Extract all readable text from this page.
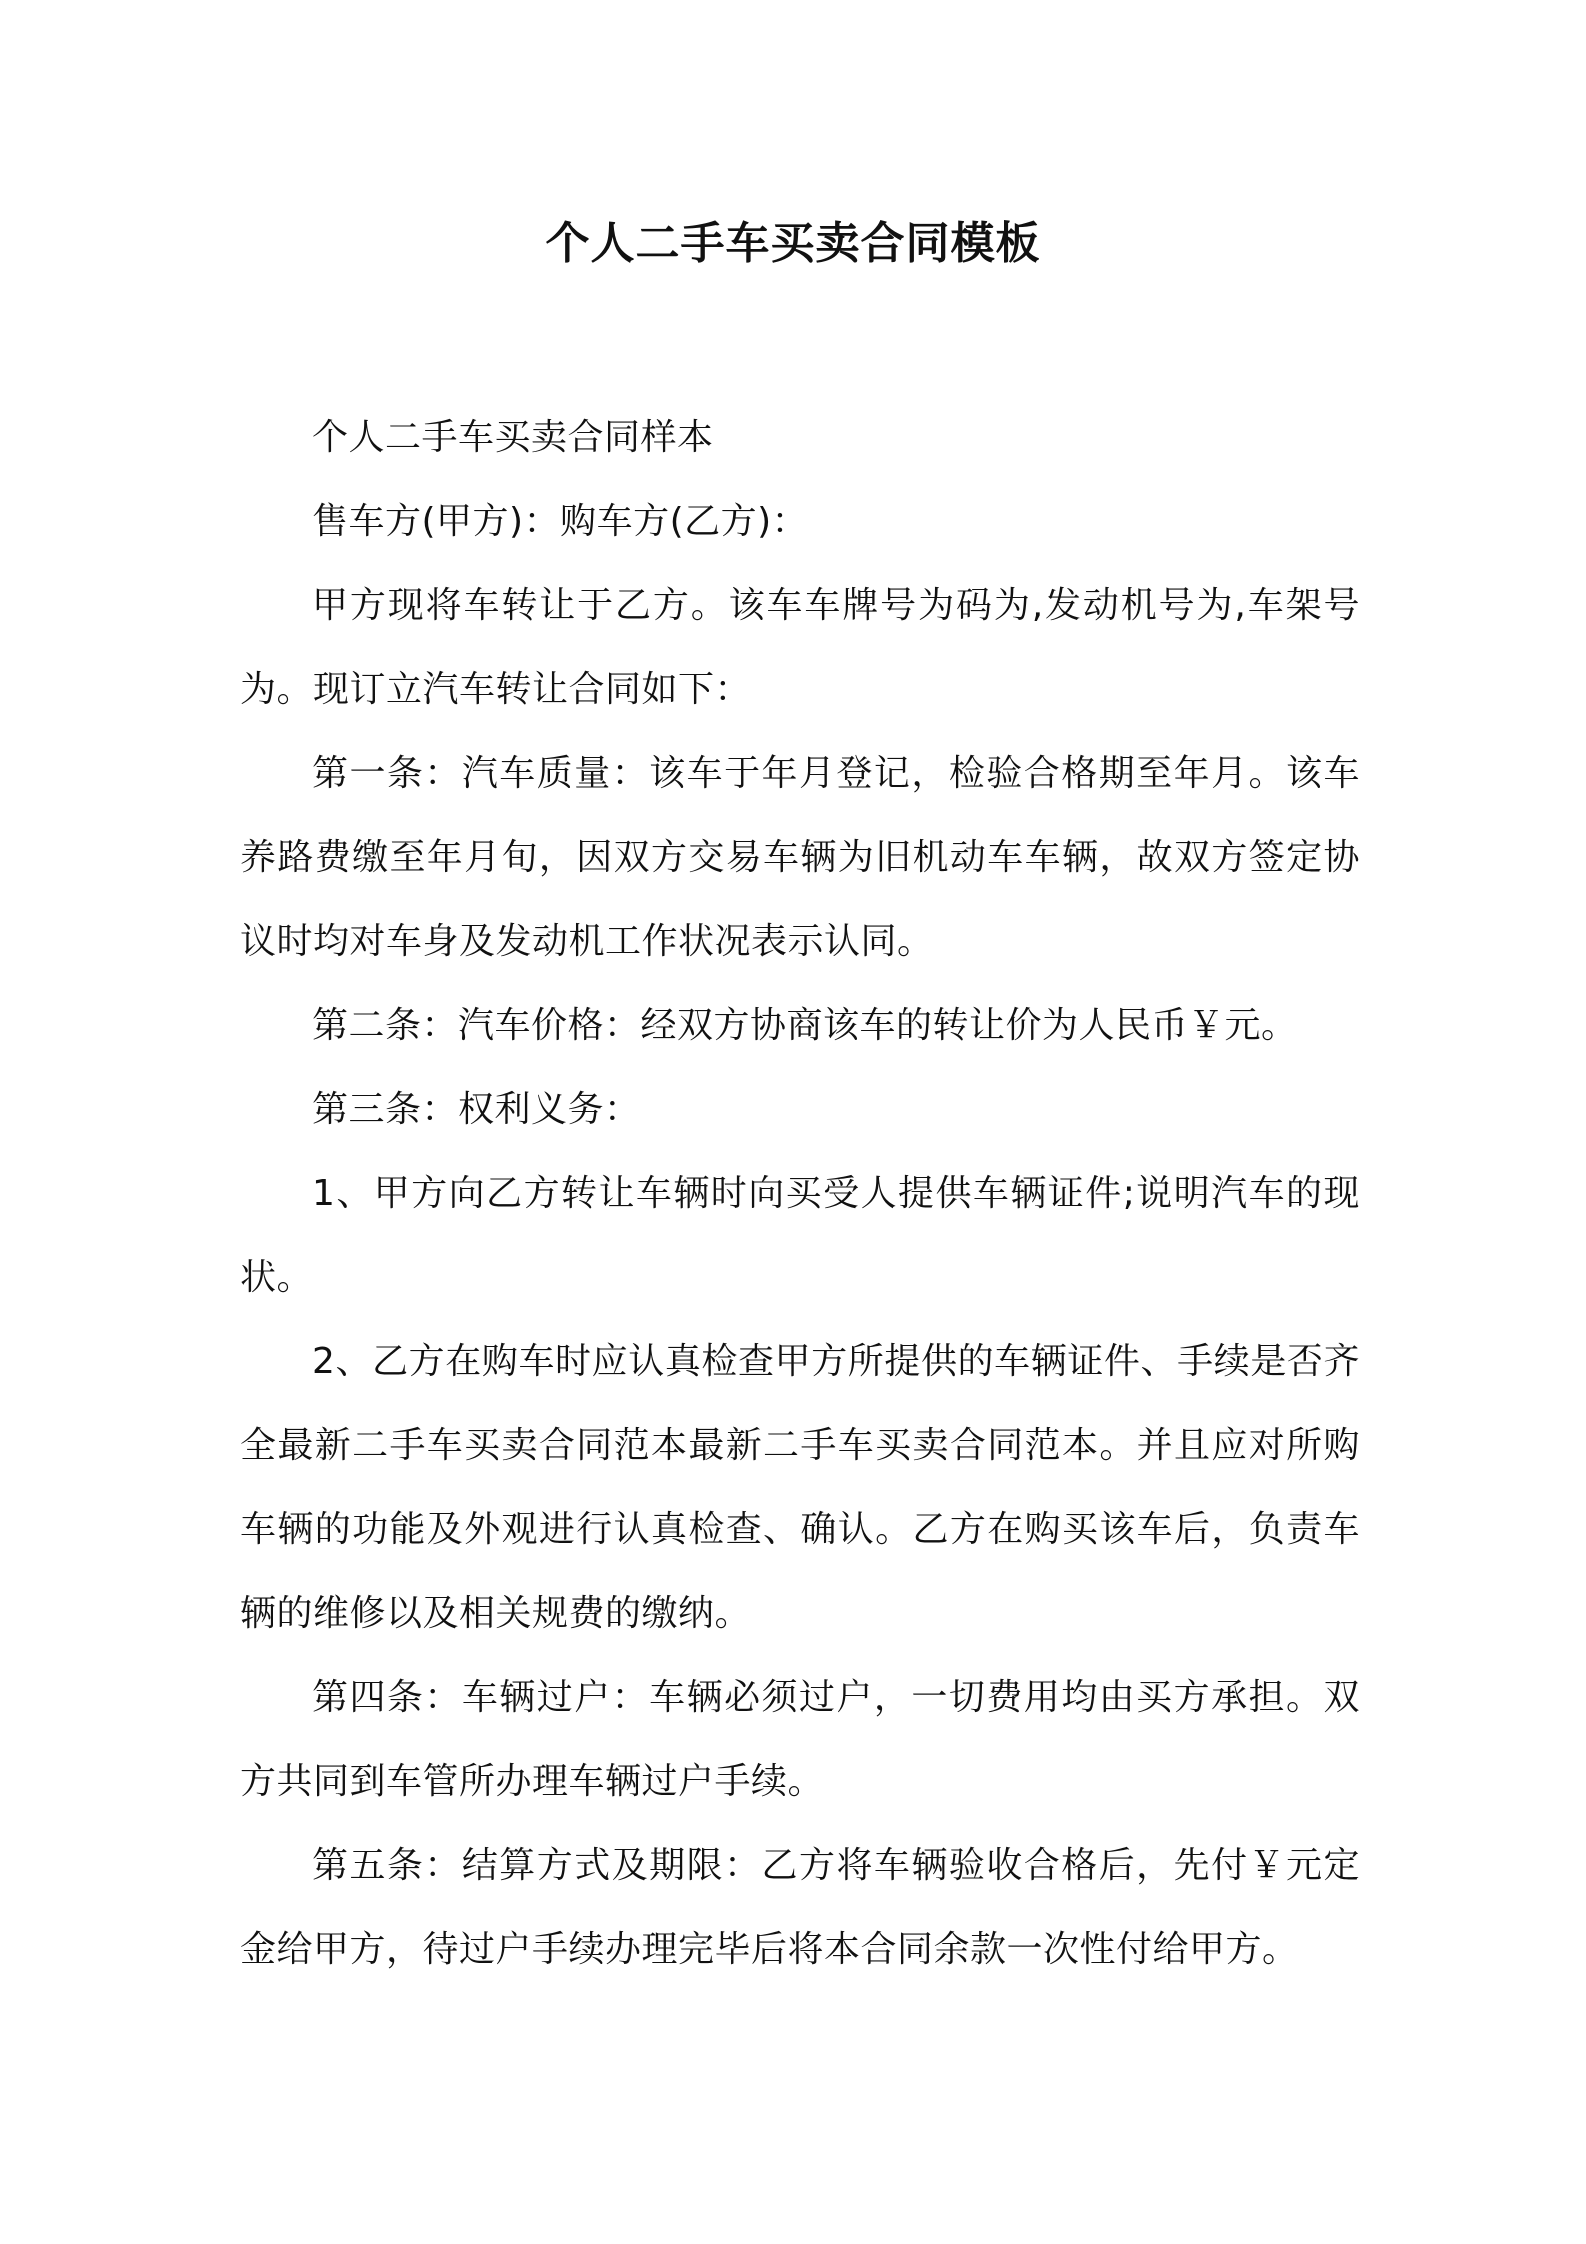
个人二手车买卖合同模板

个人二手车买卖合同样本

售车方(甲方)：购车方(乙方)：

甲方现将车转让于乙方。该车车牌号为码为,发动机号为,车架号为。现订立汽车转让合同如下：

第一条：汽车质量：该车于年月登记，检验合格期至年月。该车养路费缴至年月旬，因双方交易车辆为旧机动车车辆，故双方签定协议时均对车身及发动机工作状况表示认同。

第二条：汽车价格：经双方协商该车的转让价为人民币￥元。

第三条：权利义务：

1、甲方向乙方转让车辆时向买受人提供车辆证件;说明汽车的现状。

2、乙方在购车时应认真检查甲方所提供的车辆证件、手续是否齐全最新二手车买卖合同范本最新二手车买卖合同范本。并且应对所购车辆的功能及外观进行认真检查、确认。乙方在购买该车后，负责车辆的维修以及相关规费的缴纳。

第四条：车辆过户：车辆必须过户，一切费用均由买方承担。双方共同到车管所办理车辆过户手续。

第五条：结算方式及期限：乙方将车辆验收合格后，先付￥元定金给甲方，待过户手续办理完毕后将本合同余款一次性付给甲方。
